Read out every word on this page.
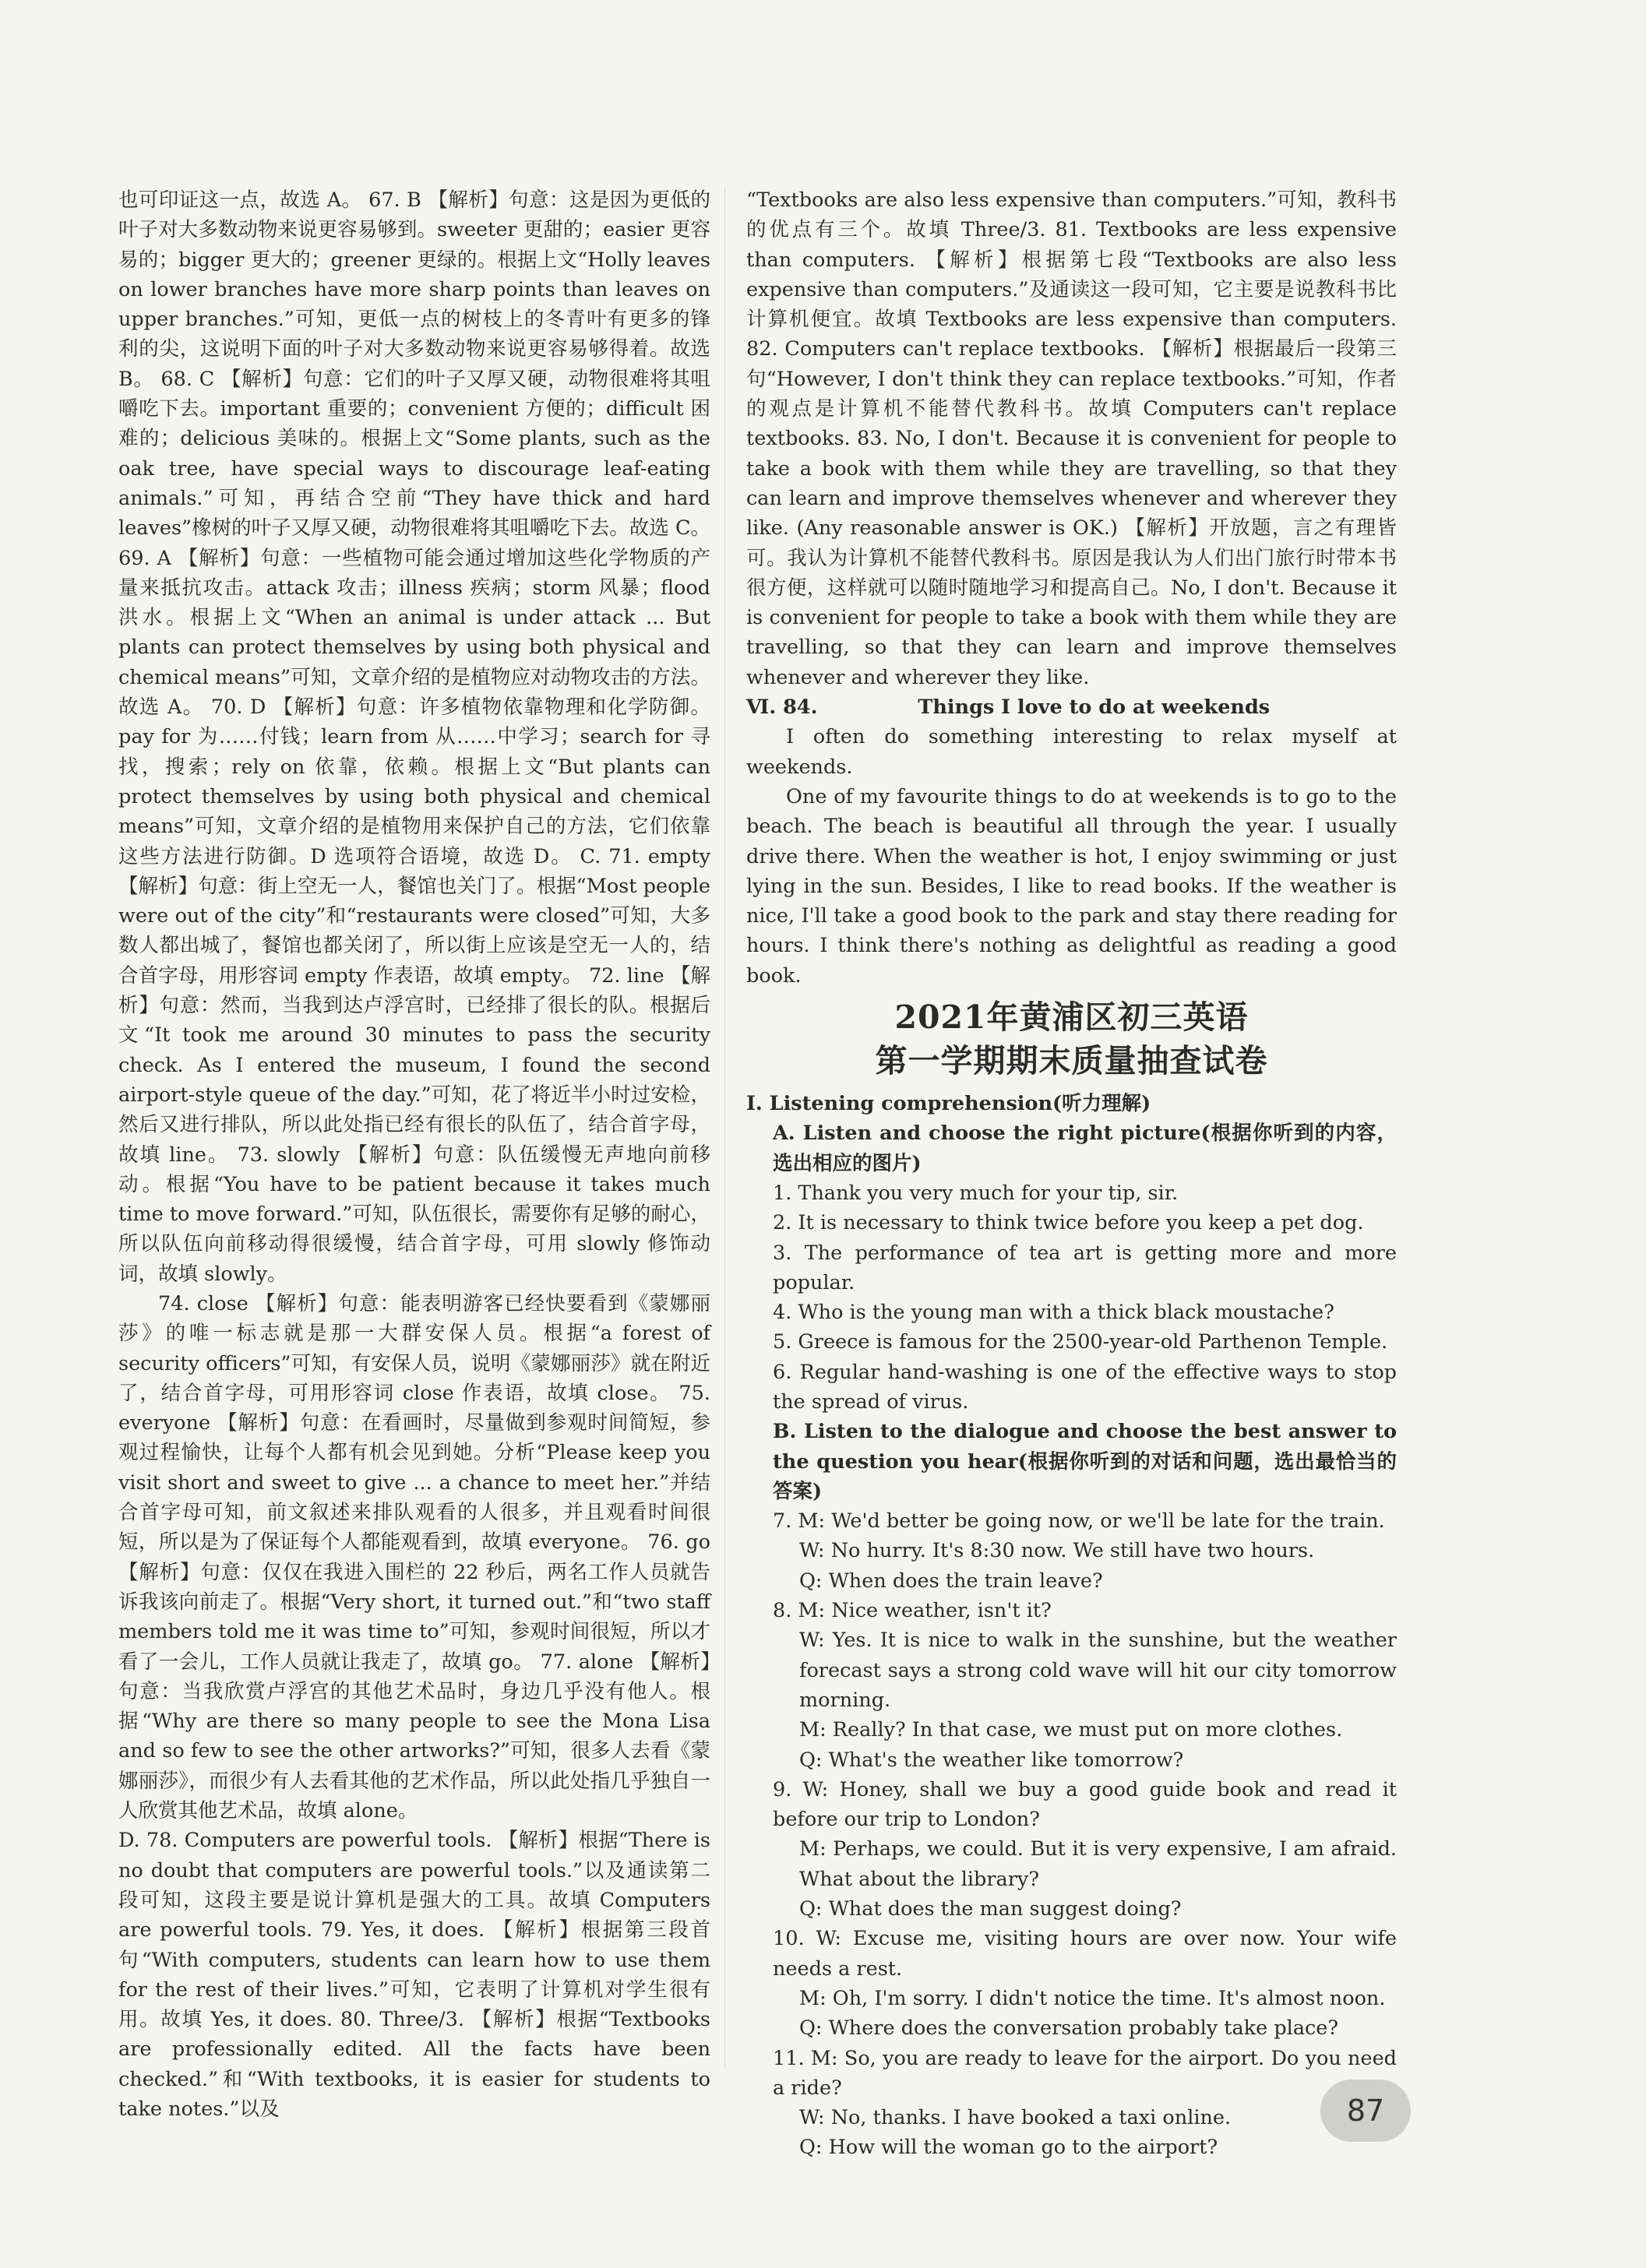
也可印证这一点，故选 A。 67. B 【解析】句意：这是因为更低的叶子对大多数动物来说更容易够到。sweeter 更甜的；easier 更容易的；bigger 更大的；greener 更绿的。根据上文“Holly leaves on lower branches have more sharp points than leaves on upper branches.”可知，更低一点的树枝上的冬青叶有更多的锋利的尖，这说明下面的叶子对大多数动物来说更容易够得着。故选 B。 68. C 【解析】句意：它们的叶子又厚又硬，动物很难将其咀嚼吃下去。important 重要的；convenient 方便的；difficult 困难的；delicious 美味的。根据上文“Some plants, such as the oak tree, have special ways to discourage leaf-eating animals.”可知，再结合空前“They have thick and hard leaves”橡树的叶子又厚又硬，动物很难将其咀嚼吃下去。故选 C。 69. A 【解析】句意：一些植物可能会通过增加这些化学物质的产量来抵抗攻击。attack 攻击；illness 疾病；storm 风暴；flood 洪水。根据上文“When an animal is under attack ... But plants can protect themselves by using both physical and chemical means”可知，文章介绍的是植物应对动物攻击的方法。故选 A。 70. D 【解析】句意：许多植物依靠物理和化学防御。pay for 为……付钱；learn from 从……中学习；search for 寻找，搜索；rely on 依靠，依赖。根据上文“But plants can protect themselves by using both physical and chemical means”可知，文章介绍的是植物用来保护自己的方法，它们依靠这些方法进行防御。D 选项符合语境，故选 D。 C. 71. empty 【解析】句意：街上空无一人，餐馆也关门了。根据“Most people were out of the city”和“restaurants were closed”可知，大多数人都出城了，餐馆也都关闭了，所以街上应该是空无一人的，结合首字母，用形容词 empty 作表语，故填 empty。 72. line 【解析】句意：然而，当我到达卢浮宫时，已经排了很长的队。根据后文“It took me around 30 minutes to pass the security check. As I entered the museum, I found the second airport-style queue of the day.”可知，花了将近半小时过安检，然后又进行排队，所以此处指已经有很长的队伍了，结合首字母，故填 line。 73. slowly 【解析】句意：队伍缓慢无声地向前移动。根据“You have to be patient because it takes much time to move forward.”可知，队伍很长，需要你有足够的耐心，所以队伍向前移动得很缓慢，结合首字母，可用 slowly 修饰动词，故填 slowly。

74. close 【解析】句意：能表明游客已经快要看到《蒙娜丽莎》的唯一标志就是那一大群安保人员。根据“a forest of security officers”可知，有安保人员，说明《蒙娜丽莎》就在附近了，结合首字母，可用形容词 close 作表语，故填 close。 75. everyone 【解析】句意：在看画时，尽量做到参观时间简短，参观过程愉快，让每个人都有机会见到她。分析“Please keep you visit short and sweet to give ... a chance to meet her.”并结合首字母可知，前文叙述来排队观看的人很多，并且观看时间很短，所以是为了保证每个人都能观看到，故填 everyone。 76. go 【解析】句意：仅仅在我进入围栏的 22 秒后，两名工作人员就告诉我该向前走了。根据“Very short, it turned out.”和“two staff members told me it was time to”可知，参观时间很短，所以才看了一会儿，工作人员就让我走了，故填 go。 77. alone 【解析】句意：当我欣赏卢浮宫的其他艺术品时，身边几乎没有他人。根据“Why are there so many people to see the Mona Lisa and so few to see the other artworks?”可知，很多人去看《蒙娜丽莎》，而很少有人去看其他的艺术作品，所以此处指几乎独自一人欣赏其他艺术品，故填 alone。

D. 78. Computers are powerful tools. 【解析】根据“There is no doubt that computers are powerful tools.”以及通读第二段可知，这段主要是说计算机是强大的工具。故填 Computers are powerful tools. 79. Yes, it does. 【解析】根据第三段首句“With computers, students can learn how to use them for the rest of their lives.”可知，它表明了计算机对学生很有用。故填 Yes, it does. 80. Three/3. 【解析】根据“Textbooks are professionally edited. All the facts have been checked.”和“With textbooks, it is easier for students to take notes.”以及

“Textbooks are also less expensive than computers.”可知，教科书的优点有三个。故填 Three/3. 81. Textbooks are less expensive than computers. 【解析】根据第七段“Textbooks are also less expensive than computers.”及通读这一段可知，它主要是说教科书比计算机便宜。故填 Textbooks are less expensive than computers. 82. Computers can't replace textbooks. 【解析】根据最后一段第三句“However, I don't think they can replace textbooks.”可知，作者的观点是计算机不能替代教科书。故填 Computers can't replace textbooks. 83. No, I don't. Because it is convenient for people to take a book with them while they are travelling, so that they can learn and improve themselves whenever and wherever they like. (Any reasonable answer is OK.) 【解析】开放题，言之有理皆可。我认为计算机不能替代教科书。原因是我认为人们出门旅行时带本书很方便，这样就可以随时随地学习和提高自己。No, I don't. Because it is convenient for people to take a book with them while they are travelling, so that they can learn and improve themselves whenever and wherever they like.

Ⅵ. 84.	Things I love to do at weekends

I often do something interesting to relax myself at weekends.

One of my favourite things to do at weekends is to go to the beach. The beach is beautiful all through the year. I usually drive there. When the weather is hot, I enjoy swimming or just lying in the sun. Besides, I like to read books. If the weather is nice, I'll take a good book to the park and stay there reading for hours. I think there's nothing as delightful as reading a good book.

2021年黄浦区初三英语
第一学期期末质量抽查试卷

Ⅰ. Listening comprehension(听力理解)

A. Listen and choose the right picture(根据你听到的内容，选出相应的图片)

1. Thank you very much for your tip, sir.

2. It is necessary to think twice before you keep a pet dog.

3. The performance of tea art is getting more and more popular.

4. Who is the young man with a thick black moustache?

5. Greece is famous for the 2500-year-old Parthenon Temple.

6. Regular hand-washing is one of the effective ways to stop the spread of virus.

B. Listen to the dialogue and choose the best answer to the question you hear(根据你听到的对话和问题，选出最恰当的答案)

7. M: We'd better be going now, or we'll be late for the train.

W: No hurry. It's 8:30 now. We still have two hours.

Q: When does the train leave?

8. M: Nice weather, isn't it?

W: Yes. It is nice to walk in the sunshine, but the weather forecast says a strong cold wave will hit our city tomorrow morning.

M: Really? In that case, we must put on more clothes.

Q: What's the weather like tomorrow?

9. W: Honey, shall we buy a good guide book and read it before our trip to London?

M: Perhaps, we could. But it is very expensive, I am afraid. What about the library?

Q: What does the man suggest doing?

10. W: Excuse me, visiting hours are over now. Your wife needs a rest.

M: Oh, I'm sorry. I didn't notice the time. It's almost noon.

Q: Where does the conversation probably take place?

11. M: So, you are ready to leave for the airport. Do you need a ride?

W: No, thanks. I have booked a taxi online.

Q: How will the woman go to the airport?

87
